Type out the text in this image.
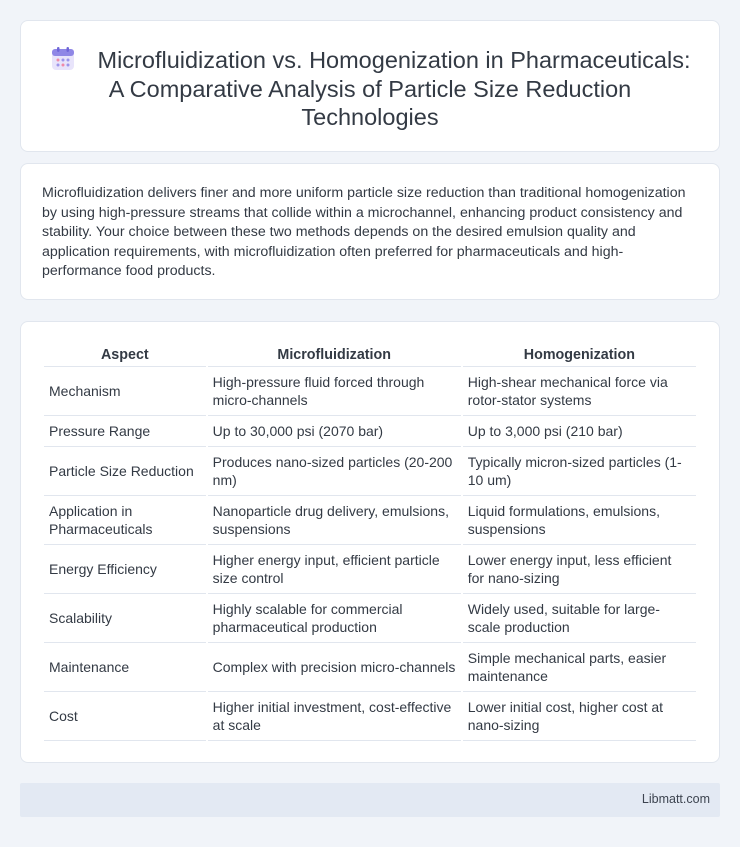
Microfluidization vs. Homogenization in Pharmaceuticals: A Comparative Analysis of Particle Size Reduction Technologies

Microfluidization delivers finer and more uniform particle size reduction than traditional homogenization by using high-pressure streams that collide within a microchannel, enhancing product consistency and stability. Your choice between these two methods depends on the desired emulsion quality and application requirements, with microfluidization often preferred for pharmaceuticals and high-performance food products.

Aspect	Microfluidization	Homogenization
Mechanism	High-pressure fluid forced through micro-channels	High-shear mechanical force via rotor-stator systems
Pressure Range	Up to 30,000 psi (2070 bar)	Up to 3,000 psi (210 bar)
Particle Size Reduction	Produces nano-sized particles (20-200 nm)	Typically micron-sized particles (1-10 um)
Application in Pharmaceuticals	Nanoparticle drug delivery, emulsions, suspensions	Liquid formulations, emulsions, suspensions
Energy Efficiency	Higher energy input, efficient particle size control	Lower energy input, less efficient for nano-sizing
Scalability	Highly scalable for commercial pharmaceutical production	Widely used, suitable for large-scale production
Maintenance	Complex with precision micro-channels	Simple mechanical parts, easier maintenance
Cost	Higher initial investment, cost-effective at scale	Lower initial cost, higher cost at nano-sizing
Libmatt.com
